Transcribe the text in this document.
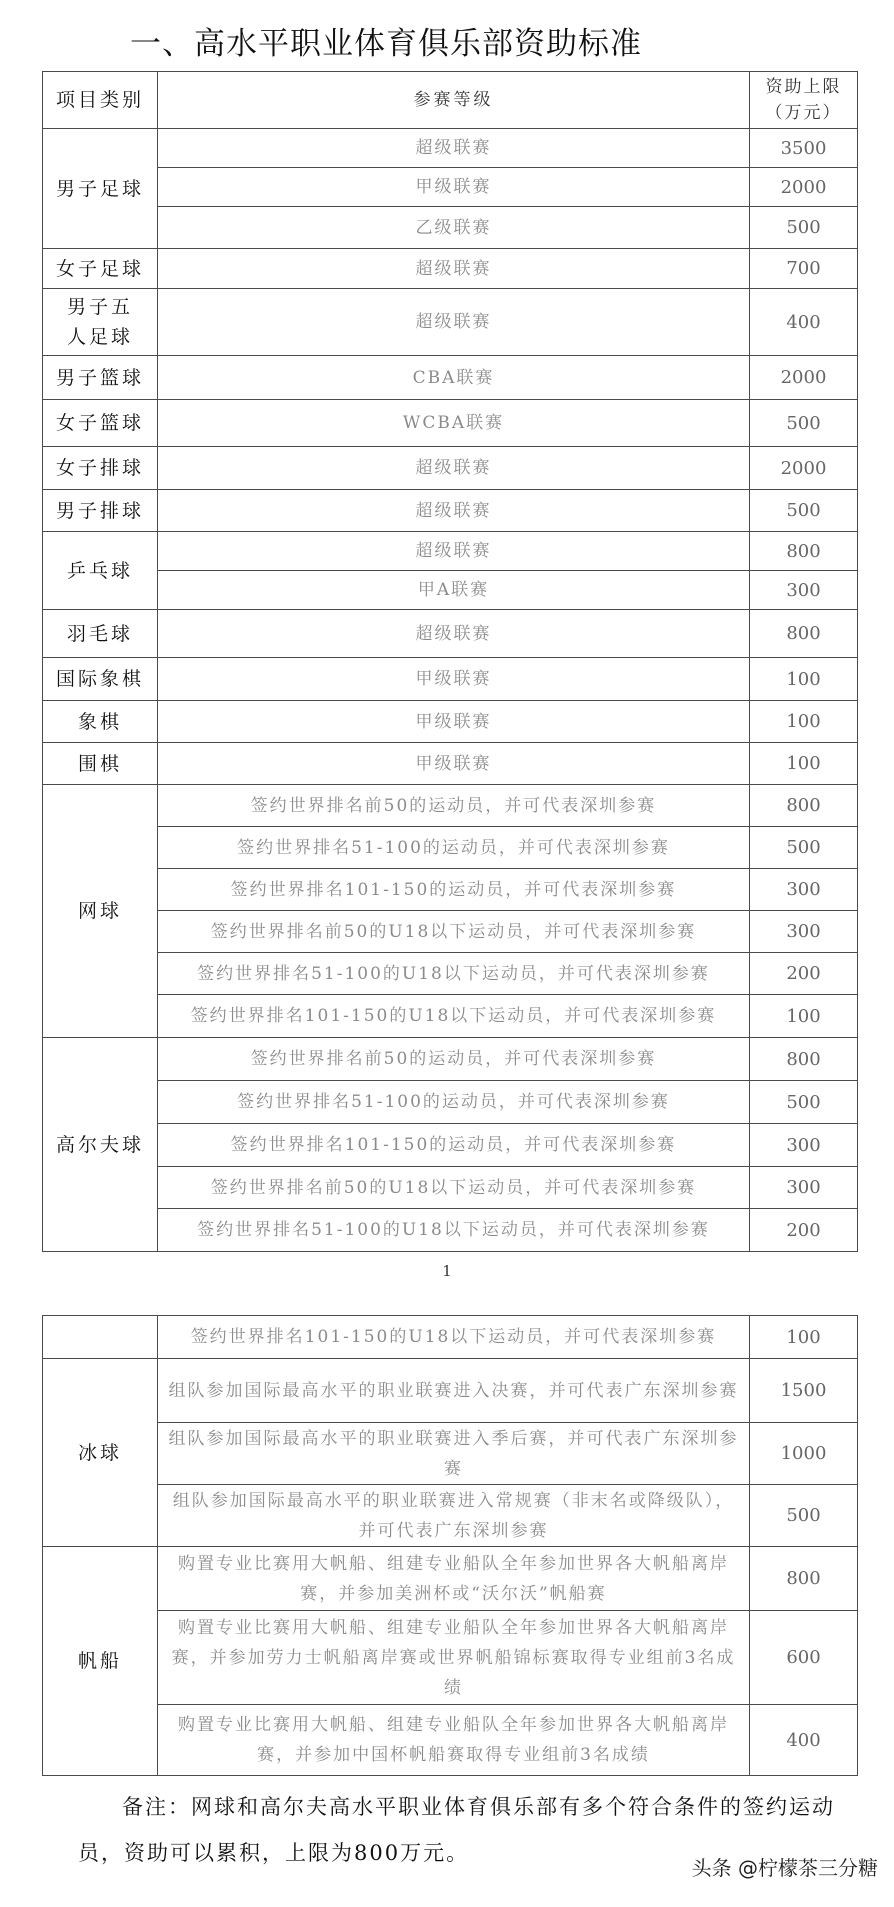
一、高水平职业体育俱乐部资助标准
项目类别	参赛等级	资助上限
（万元）
男子足球	超级联赛	3500
	甲级联赛	2000
	乙级联赛	500
女子足球	超级联赛	700
男子五人足球	超级联赛	400
男子篮球	CBA联赛	2000
女子篮球	WCBA联赛	500
女子排球	超级联赛	2000
男子排球	超级联赛	500
乒乓球	超级联赛	800
	甲A联赛	300
羽毛球	超级联赛	800
国际象棋	甲级联赛	100
象棋	甲级联赛	100
围棋	甲级联赛	100
网球	签约世界排名前50的运动员，并可代表深圳参赛	800
	签约世界排名51-100的运动员，并可代表深圳参赛	500
	签约世界排名101-150的运动员，并可代表深圳参赛	300
	签约世界排名前50的U18以下运动员，并可代表深圳参赛	300
	签约世界排名51-100的U18以下运动员，并可代表深圳参赛	200
	签约世界排名101-150的U18以下运动员，并可代表深圳参赛	100
高尔夫球	签约世界排名前50的运动员，并可代表深圳参赛	800
	签约世界排名51-100的运动员，并可代表深圳参赛	500
	签约世界排名101-150的运动员，并可代表深圳参赛	300
	签约世界排名前50的U18以下运动员，并可代表深圳参赛	300
	签约世界排名51-100的U18以下运动员，并可代表深圳参赛	200
1
	签约世界排名101-150的U18以下运动员，并可代表深圳参赛	100
冰球	组队参加国际最高水平的职业联赛进入决赛，并可代表广东深圳参赛	1500
	组队参加国际最高水平的职业联赛进入季后赛，并可代表广东深圳参赛	1000
	组队参加国际最高水平的职业联赛进入常规赛（非末名或降级队），并可代表广东深圳参赛	500
帆船	购置专业比赛用大帆船、组建专业船队全年参加世界各大帆船离岸赛，并参加美洲杯或“沃尔沃”帆船赛	800
	购置专业比赛用大帆船、组建专业船队全年参加世界各大帆船离岸赛，并参加劳力士帆船离岸赛或世界帆船锦标赛取得专业组前3名成绩	600
	购置专业比赛用大帆船、组建专业船队全年参加世界各大帆船离岸赛，并参加中国杯帆船赛取得专业组前3名成绩	400
备注：网球和高尔夫高水平职业体育俱乐部有多个符合条件的签约运动员，资助可以累积，上限为800万元。
头条 @柠檬茶三分糖
